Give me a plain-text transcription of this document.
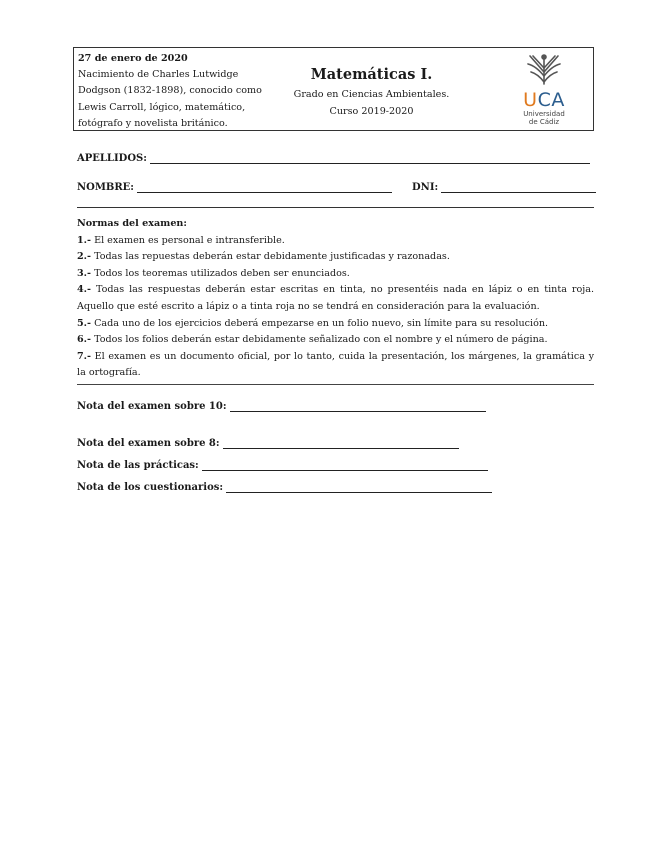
27 de enero de 2020
Nacimiento de Charles Lutwidge
Dodgson (1832-1898), conocido como
Lewis Carroll, lógico, matemático,
fotógrafo y novelista británico.
Matemáticas I.
Grado en Ciencias Ambientales.
Curso 2019-2020
UCA
Universidad
de Cádiz
APELLIDOS:
NOMBRE:	DNI:
Normas del examen:
1.- El examen es personal e intransferible.
2.- Todas las repuestas deberán estar debidamente justificadas y razonadas.
3.- Todos los teoremas utilizados deben ser enunciados.
4.- Todas las respuestas deberán estar escritas en tinta, no presentéis nada en lápiz o en tinta roja. Aquello que esté escrito a lápiz o a tinta roja no se tendrá en consideración para la evaluación.
5.- Cada uno de los ejercicios deberá empezarse en un folio nuevo, sin límite para su resolución.
6.- Todos los folios deberán estar debidamente señalizado con el nombre y el número de página.
7.- El examen es un documento oficial, por lo tanto, cuida la presentación, los márgenes, la gramática y la ortografía.
Nota del examen sobre 10:
Nota del examen sobre 8:
Nota de las prácticas:
Nota de los cuestionarios:
